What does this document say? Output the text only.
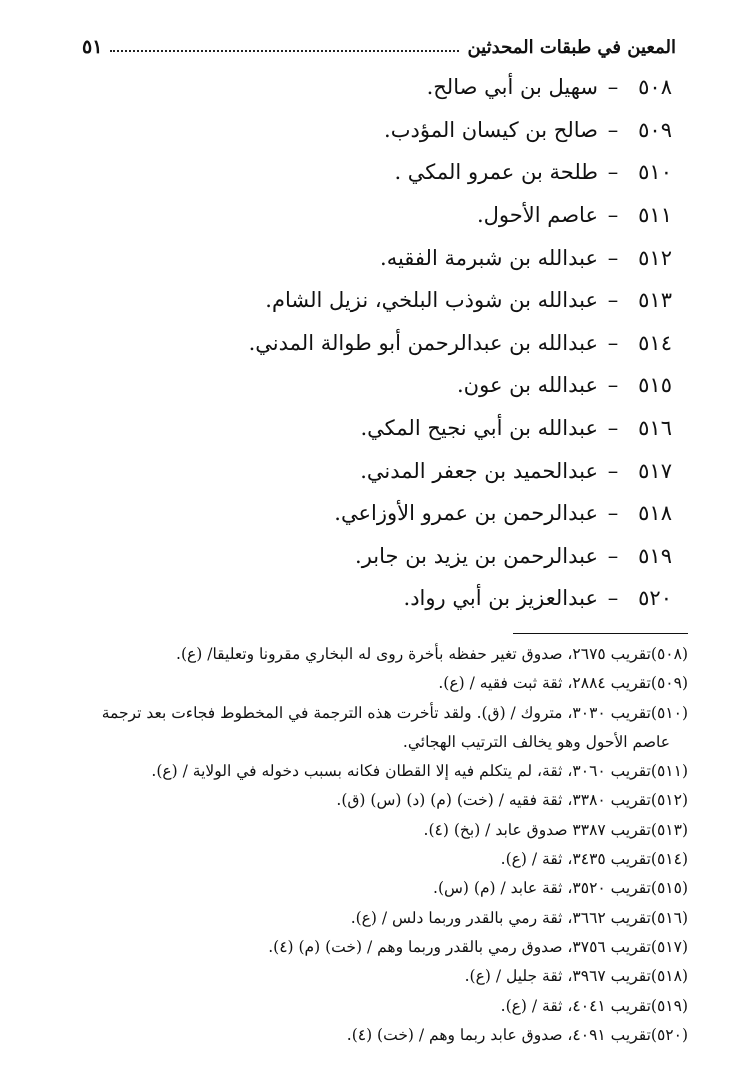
المعين في طبقات المحدثين
٥١
٥٠٨
–
سهيل بن أبي صالح.
٥٠٩
–
صالح بن كيسان المؤدب.
٥١٠
–
طلحة بن عمرو المكي .
٥١١
–
عاصم الأحول.
٥١٢
–
عبدالله بن شبرمة الفقيه.
٥١٣
–
عبدالله بن شوذب البلخي، نزيل الشام.
٥١٤
–
عبدالله بن عبدالرحمن أبو طوالة المدني.
٥١٥
–
عبدالله بن عون.
٥١٦
–
عبدالله بن أبي نجيح المكي.
٥١٧
–
عبدالحميد بن جعفر المدني.
٥١٨
–
عبدالرحمن بن عمرو الأوزاعي.
٥١٩
–
عبدالرحمن بن يزيد بن جابر.
٥٢٠
–
عبدالعزيز بن أبي رواد.
(٥٠٨)تقريب ٢٦٧٥، صدوق تغير حفظه بأخرة روى له البخاري مقرونا وتعليقا/ (ع).
(٥٠٩)تقريب ٢٨٨٤، ثقة ثبت فقيه / (ع).
(٥١٠)تقريب ٣٠٣٠، متروك / (ق). ولقد تأخرت هذه الترجمة في المخطوط فجاءت بعد ترجمة
عاصم الأحول وهو يخالف الترتيب الهجائي.
(٥١١)تقريب ٣٠٦٠، ثقة، لم يتكلم فيه إلا القطان فكانه بسبب دخوله في الولاية / (ع).
(٥١٢)تقريب ٣٣٨٠، ثقة فقيه / (خت) (م) (د) (س) (ق).
(٥١٣)تقريب ٣٣٨٧ صدوق عابد / (بخ) (٤).
(٥١٤)تقريب ٣٤٣٥، ثقة / (ع).
(٥١٥)تقريب ٣٥٢٠، ثقة عابد / (م) (س).
(٥١٦)تقريب ٣٦٦٢، ثقة رمي بالقدر وربما دلس / (ع).
(٥١٧)تقريب ٣٧٥٦، صدوق رمي بالقدر وربما وهم / (خت) (م) (٤).
(٥١٨)تقريب ٣٩٦٧، ثقة جليل / (ع).
(٥١٩)تقريب ٤٠٤١، ثقة / (ع).
(٥٢٠)تقريب ٤٠٩١، صدوق عابد ربما وهم / (خت) (٤).
